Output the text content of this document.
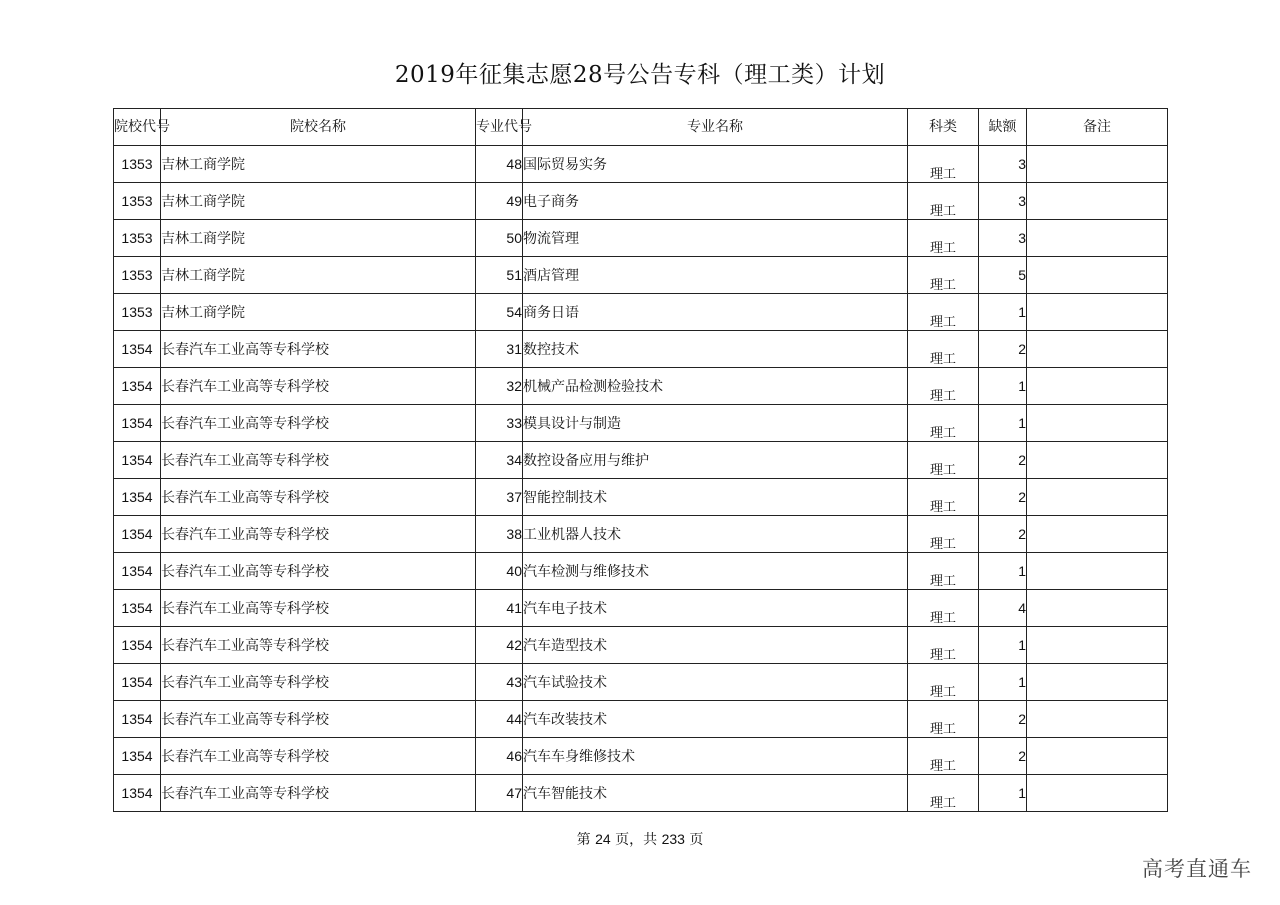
2019年征集志愿28号公告专科（理工类）计划
院校代号	院校名称	专业代号	专业名称	科类	缺额	备注
1353	吉林工商学院	48	国际贸易实务	理工	3	
1353	吉林工商学院	49	电子商务	理工	3	
1353	吉林工商学院	50	物流管理	理工	3	
1353	吉林工商学院	51	酒店管理	理工	5	
1353	吉林工商学院	54	商务日语	理工	1	
1354	长春汽车工业高等专科学校	31	数控技术	理工	2	
1354	长春汽车工业高等专科学校	32	机械产品检测检验技术	理工	1	
1354	长春汽车工业高等专科学校	33	模具设计与制造	理工	1	
1354	长春汽车工业高等专科学校	34	数控设备应用与维护	理工	2	
1354	长春汽车工业高等专科学校	37	智能控制技术	理工	2	
1354	长春汽车工业高等专科学校	38	工业机器人技术	理工	2	
1354	长春汽车工业高等专科学校	40	汽车检测与维修技术	理工	1	
1354	长春汽车工业高等专科学校	41	汽车电子技术	理工	4	
1354	长春汽车工业高等专科学校	42	汽车造型技术	理工	1	
1354	长春汽车工业高等专科学校	43	汽车试验技术	理工	1	
1354	长春汽车工业高等专科学校	44	汽车改装技术	理工	2	
1354	长春汽车工业高等专科学校	46	汽车车身维修技术	理工	2	
1354	长春汽车工业高等专科学校	47	汽车智能技术	理工	1	
第 24 页，共 233 页
高考直通车
